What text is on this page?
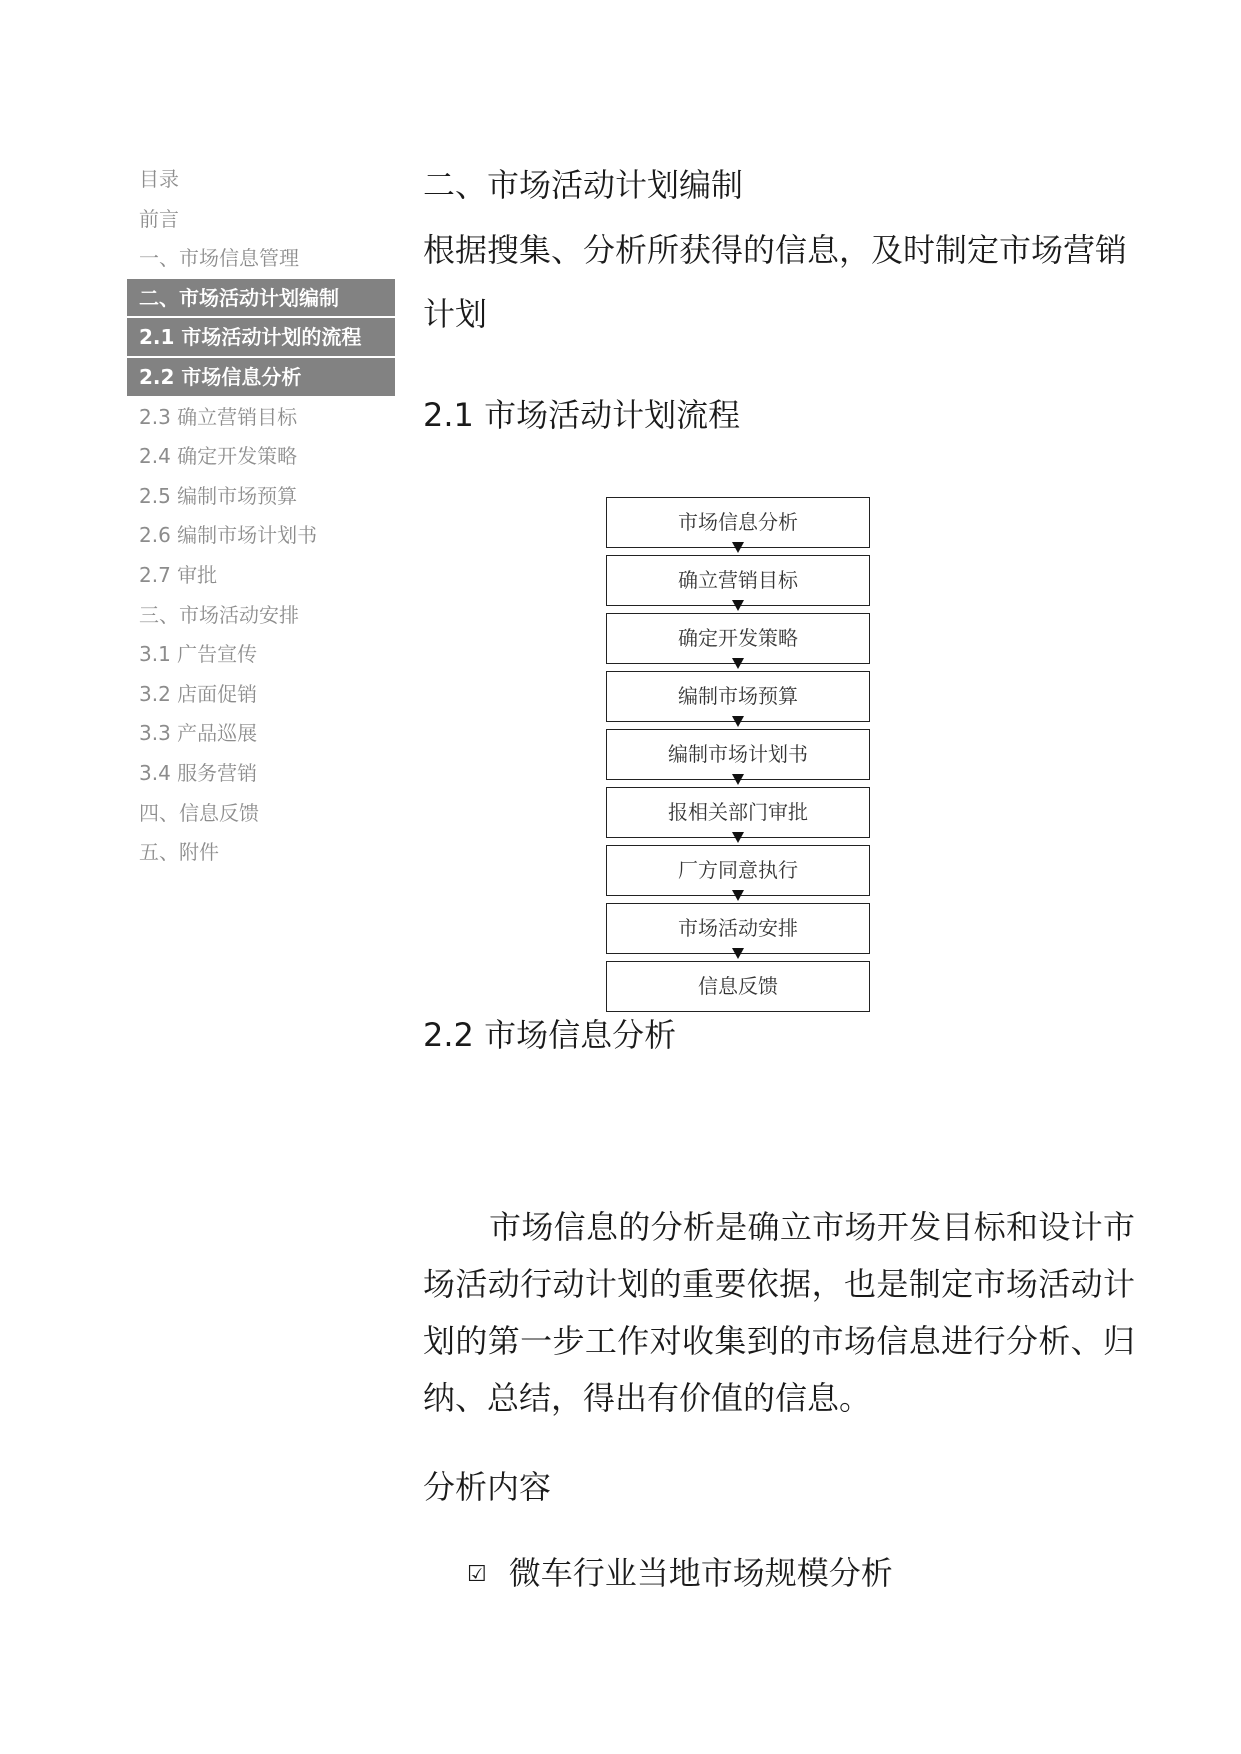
目录
前言
一、市场信息管理
二、市场活动计划编制
2.1 市场活动计划的流程
2.2 市场信息分析
2.3 确立营销目标
2.4 确定开发策略
2.5 编制市场预算
2.6 编制市场计划书
2.7 审批
三、市场活动安排
3.1 广告宣传
3.2 店面促销
3.3 产品巡展
3.4 服务营销
四、信息反馈
五、附件
二、市场活动计划编制
根据搜集、分析所获得的信息，及时制定市场营销计划
2.1 市场活动计划流程
市场信息分析
确立营销目标
确定开发策略
编制市场预算
编制市场计划书
报相关部门审批
厂方同意执行
市场活动安排
信息反馈
2.2 市场信息分析
市场信息的分析是确立市场开发目标和设计市场活动行动计划的重要依据，也是制定市场活动计划的第一步工作对收集到的市场信息进行分析、归纳、总结，得出有价值的信息。
分析内容
☑ 微车行业当地市场规模分析
